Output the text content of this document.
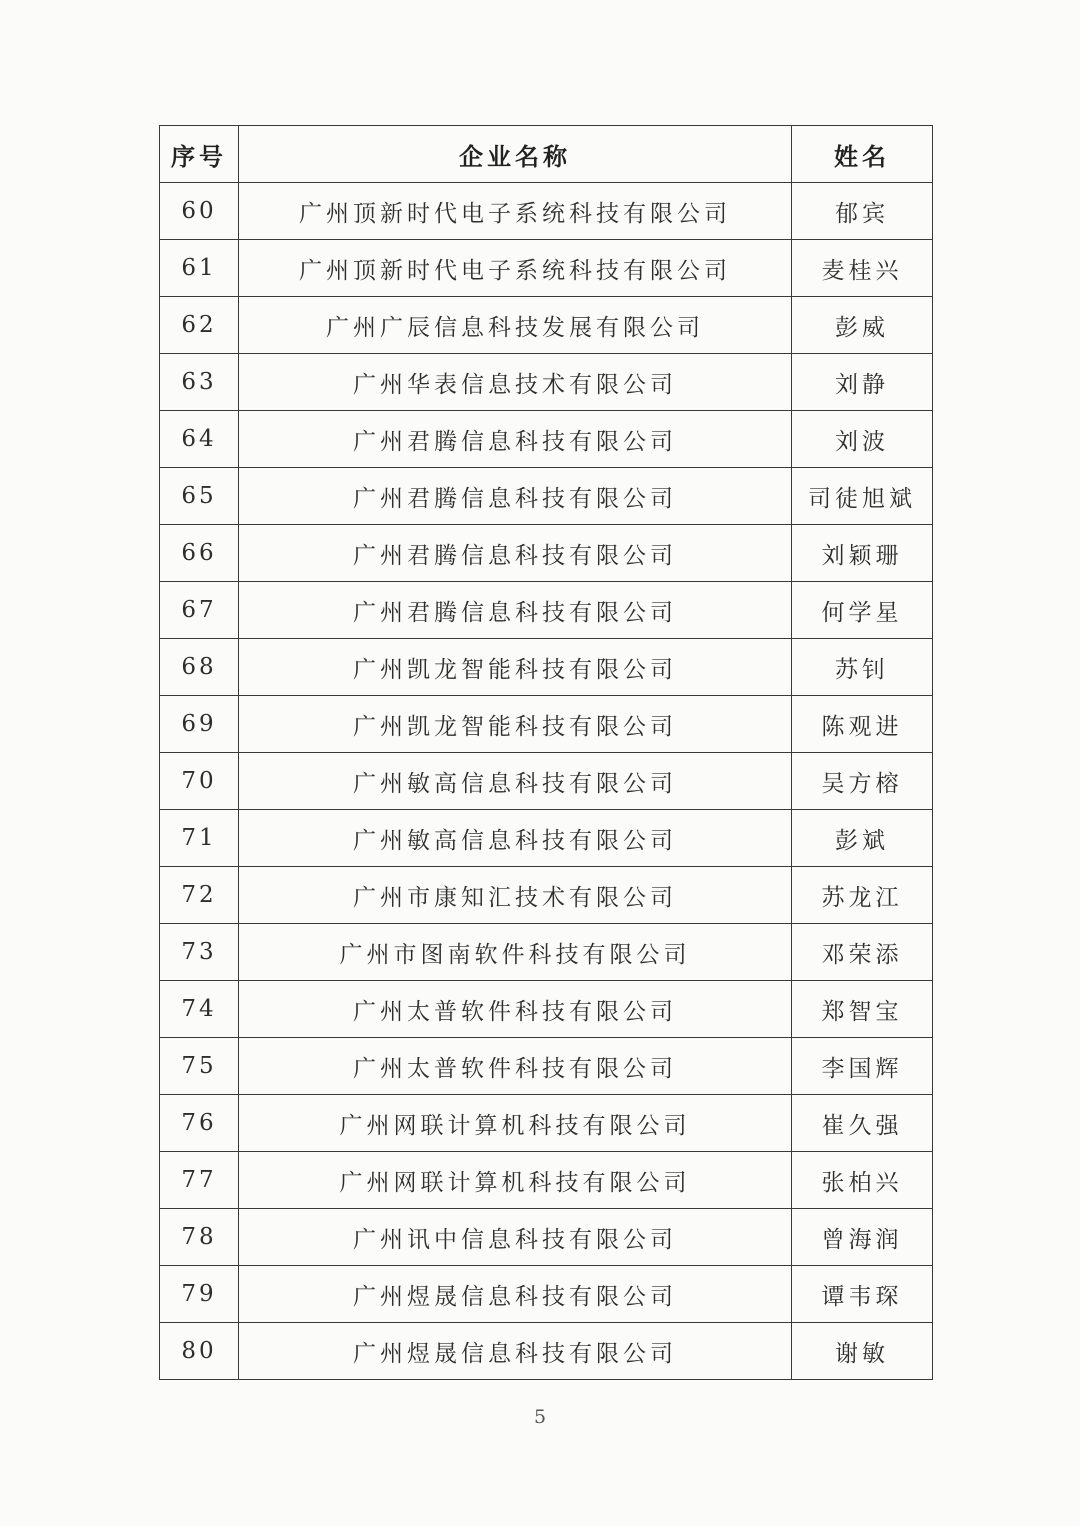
序号	企业名称	姓名
60	广州顶新时代电子系统科技有限公司	郁宾
61	广州顶新时代电子系统科技有限公司	麦桂兴
62	广州广辰信息科技发展有限公司	彭威
63	广州华表信息技术有限公司	刘静
64	广州君腾信息科技有限公司	刘波
65	广州君腾信息科技有限公司	司徒旭斌
66	广州君腾信息科技有限公司	刘颖珊
67	广州君腾信息科技有限公司	何学星
68	广州凯龙智能科技有限公司	苏钊
69	广州凯龙智能科技有限公司	陈观进
70	广州敏高信息科技有限公司	吴方榕
71	广州敏高信息科技有限公司	彭斌
72	广州市康知汇技术有限公司	苏龙江
73	广州市图南软件科技有限公司	邓荣添
74	广州太普软件科技有限公司	郑智宝
75	广州太普软件科技有限公司	李国辉
76	广州网联计算机科技有限公司	崔久强
77	广州网联计算机科技有限公司	张柏兴
78	广州讯中信息科技有限公司	曾海润
79	广州煜晟信息科技有限公司	谭韦琛
80	广州煜晟信息科技有限公司	谢敏
5
